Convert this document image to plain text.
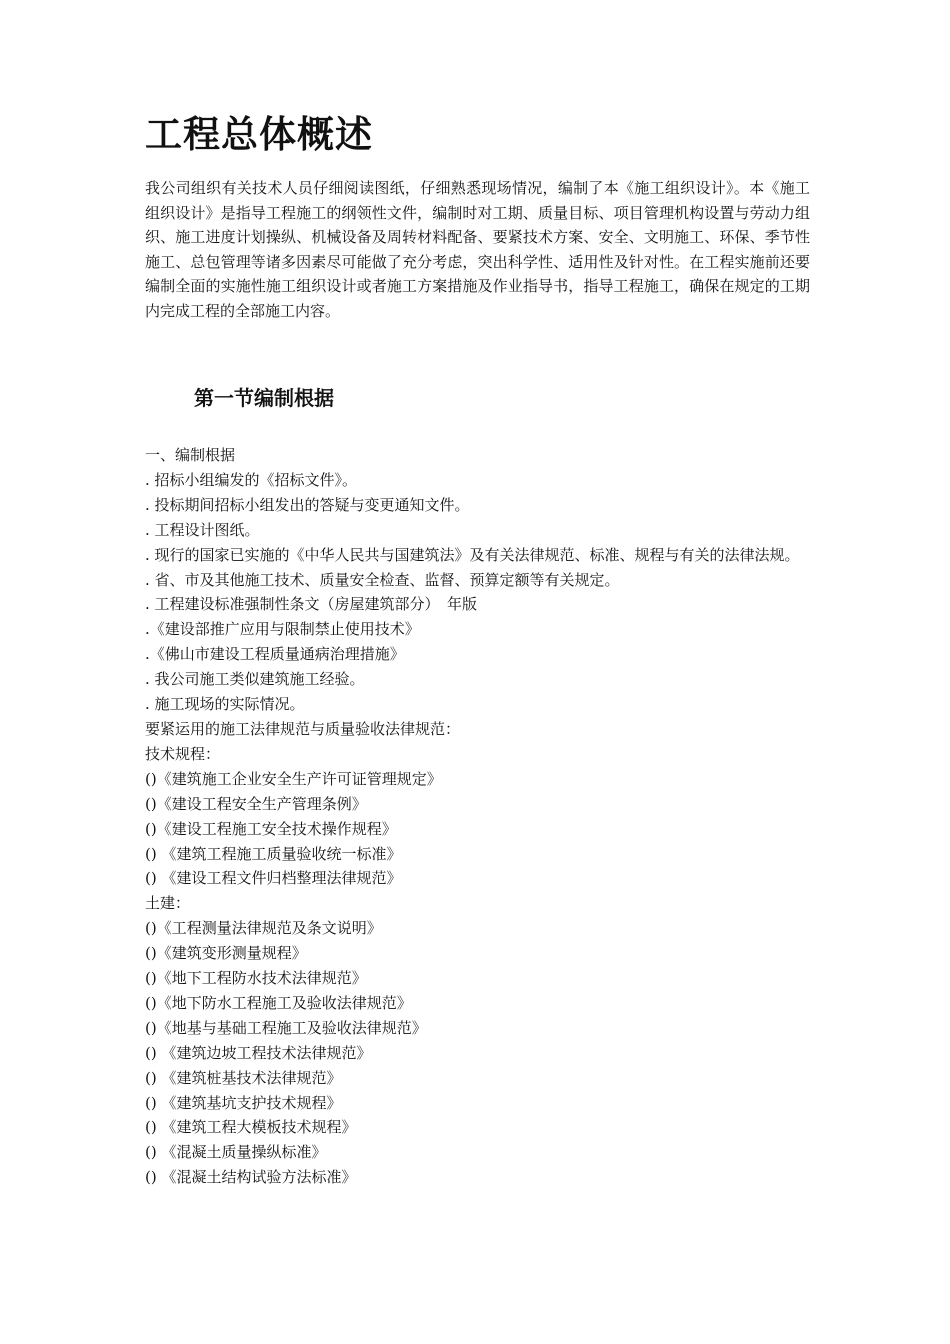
工程总体概述

我公司组织有关技术人员仔细阅读图纸，仔细熟悉现场情况，编制了本《施工组织设计》。本《施工组织设计》是指导工程施工的纲领性文件，编制时对工期、质量目标、项目管理机构设置与劳动力组织、施工进度计划操纵、机械设备及周转材料配备、要紧技术方案、安全、文明施工、环保、季节性施工、总包管理等诸多因素尽可能做了充分考虑，突出科学性、适用性及针对性。在工程实施前还要编制全面的实施性施工组织设计或者施工方案措施及作业指导书，指导工程施工，确保在规定的工期内完成工程的全部施工内容。

第一节编制根据
一、编制根据
. 招标小组编发的《招标文件》。
. 投标期间招标小组发出的答疑与变更通知文件。
. 工程设计图纸。
. 现行的国家已实施的《中华人民共与国建筑法》及有关法律规范、标准、规程与有关的法律法规。
. 省、市及其他施工技术、质量安全检查、监督、预算定额等有关规定。
. 工程建设标准强制性条文（房屋建筑部分）　年版
.《建设部推广应用与限制禁止使用技术》
.《佛山市建设工程质量通病治理措施》
. 我公司施工类似建筑施工经验。
. 施工现场的实际情况。
要紧运用的施工法律规范与质量验收法律规范：
技术规程：
()《建筑施工企业安全生产许可证管理规定》
()《建设工程安全生产管理条例》
()《建设工程施工安全技术操作规程》
() 《建筑工程施工质量验收统一标准》
() 《建设工程文件归档整理法律规范》
土建：
()《工程测量法律规范及条文说明》
()《建筑变形测量规程》
()《地下工程防水技术法律规范》
()《地下防水工程施工及验收法律规范》
()《地基与基础工程施工及验收法律规范》
() 《建筑边坡工程技术法律规范》
() 《建筑桩基技术法律规范》
() 《建筑基坑支护技术规程》
() 《建筑工程大模板技术规程》
() 《混凝土质量操纵标准》
() 《混凝土结构试验方法标准》
